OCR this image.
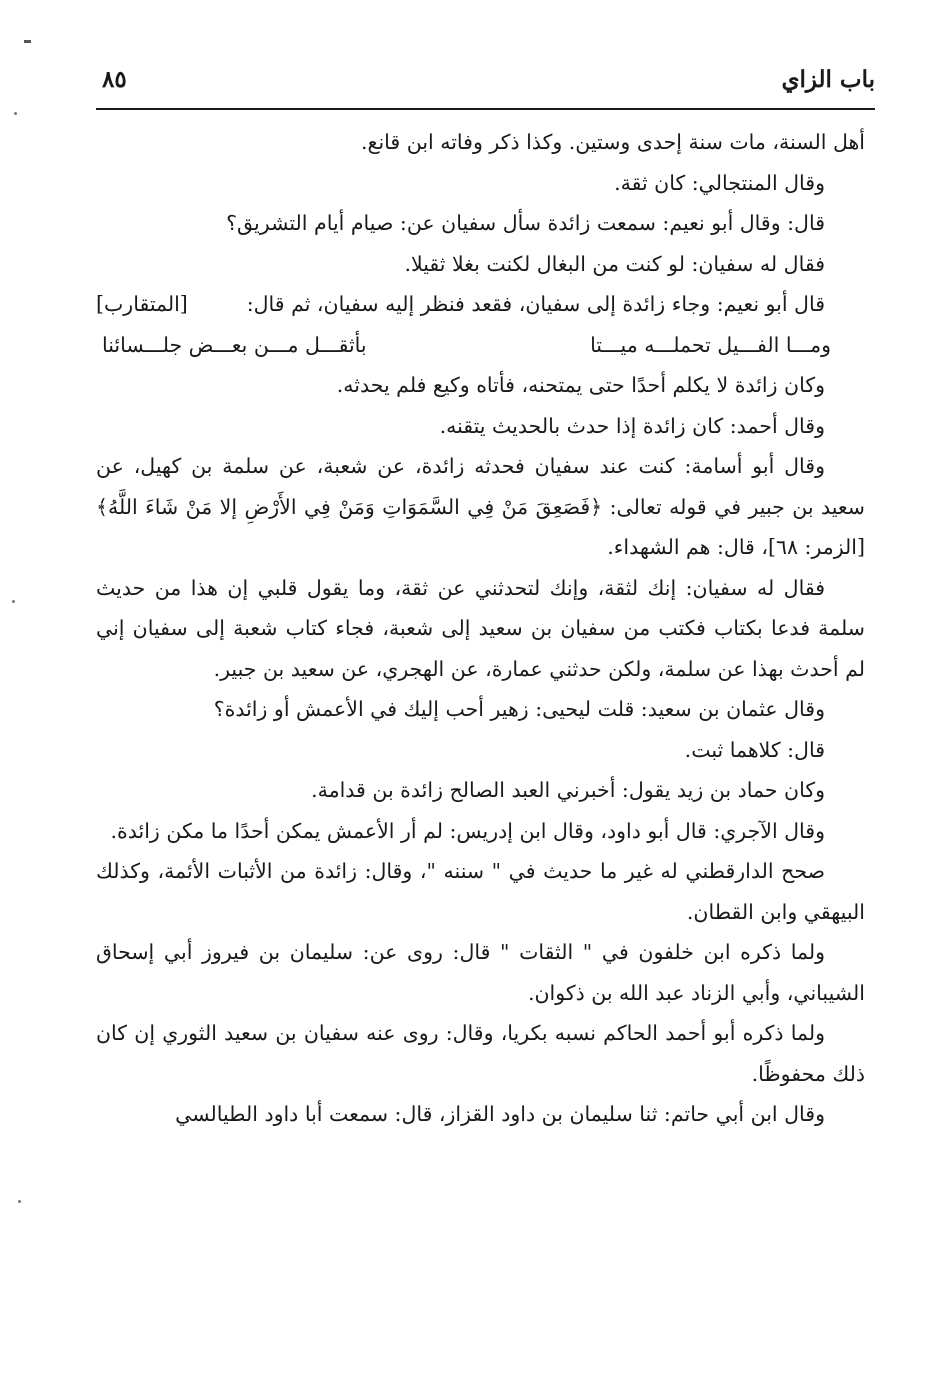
باب الزاي
٨٥

أهل السنة، مات سنة إحدى وستين. وكذا ذكر وفاته ابن قانع.

وقال المنتجالي: كان ثقة.

قال: وقال أبو نعيم: سمعت زائدة سأل سفيان عن: صيام أيام التشريق؟

فقال له سفيان: لو كنت من البغال لكنت بغلا ثقيلا.

قال أبو نعيم: وجاء زائدة إلى سفيان، فقعد فنظر إليه سفيان، ثم قال:
[المتقارب]
ومـــا الفـــيل تحملـــه ميـــتا
بأثقـــل مـــن بعـــض جلـــسائنا

وكان زائدة لا يكلم أحدًا حتى يمتحنه، فأتاه وكيع فلم يحدثه.

وقال أحمد: كان زائدة إذا حدث بالحديث يتقنه.

وقال أبو أسامة: كنت عند سفيان فحدثه زائدة، عن شعبة، عن سلمة بن كهيل، عن سعيد بن جبير في قوله تعالى: ﴿فَصَعِقَ مَنْ فِي السَّمَوَاتِ وَمَنْ فِي الأَرْضِ إلا مَنْ شَاءَ اللَّهُ﴾ [الزمر: ٦٨]، قال: هم الشهداء.

فقال له سفيان: إنك لثقة، وإنك لتحدثني عن ثقة، وما يقول قلبي إن هذا من حديث سلمة فدعا بكتاب فكتب من سفيان بن سعيد إلى شعبة، فجاء كتاب شعبة إلى سفيان إني لم أحدث بهذا عن سلمة، ولكن حدثني عمارة، عن الهجري، عن سعيد بن جبير.

وقال عثمان بن سعيد: قلت ليحيى: زهير أحب إليك في الأعمش أو زائدة؟

قال: كلاهما ثبت.

وكان حماد بن زيد يقول: أخبرني العبد الصالح زائدة بن قدامة.

وقال الآجري: قال أبو داود، وقال ابن إدريس: لم أر الأعمش يمكن أحدًا ما مكن زائدة.

صحح الدارقطني له غير ما حديث في " سننه "، وقال: زائدة من الأثبات الأئمة، وكذلك البيهقي وابن القطان.

ولما ذكره ابن خلفون في " الثقات " قال: روى عن: سليمان بن فيروز أبي إسحاق الشيباني، وأبي الزناد عبد الله بن ذكوان.

ولما ذكره أبو أحمد الحاكم نسبه بكريا، وقال: روى عنه سفيان بن سعيد الثوري إن كان ذلك محفوظًا.

وقال ابن أبي حاتم: ثنا سليمان بن داود القزاز، قال: سمعت أبا داود الطيالسي
